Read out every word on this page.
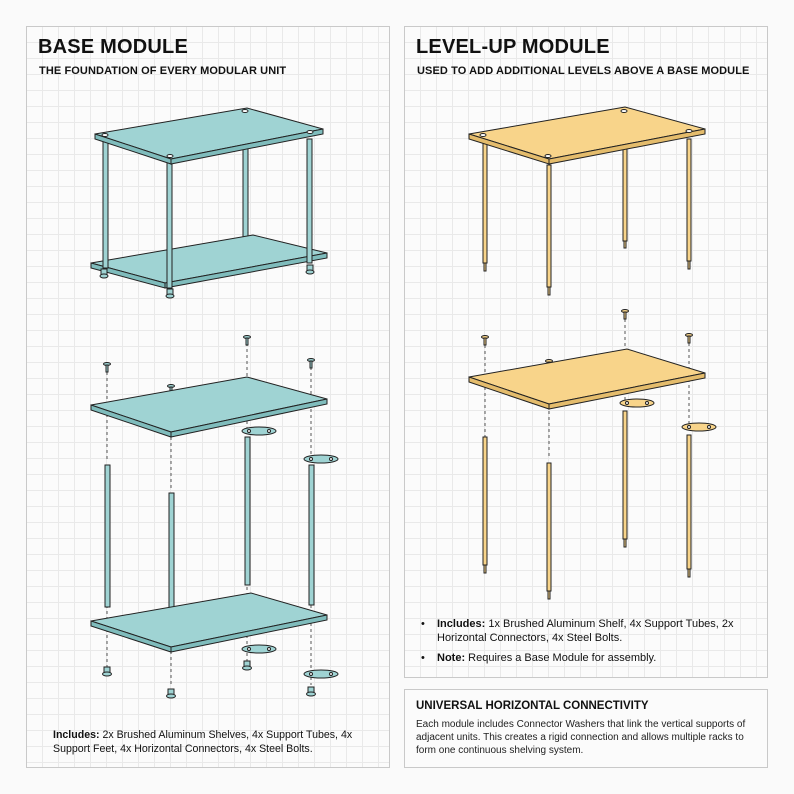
BASE MODULE
THE FOUNDATION OF EVERY MODULAR UNIT

Includes: 2x Brushed Aluminum Shelves, 4x Support Tubes, 4x Support Feet, 4x Horizontal Connectors, 4x Steel Bolts.

LEVEL-UP MODULE
USED TO ADD ADDITIONAL LEVELS ABOVE A BASE MODULE
• Includes: 1x Brushed Aluminum Shelf, 4x Support Tubes, 2x Horizontal Connectors, 4x Steel Bolts.
• Note: Requires a Base Module for assembly.
UNIVERSAL HORIZONTAL CONNECTIVITY

Each module includes Connector Washers that link the vertical supports of adjacent units. This creates a rigid connection and allows multiple racks to form one continuous shelving system.
